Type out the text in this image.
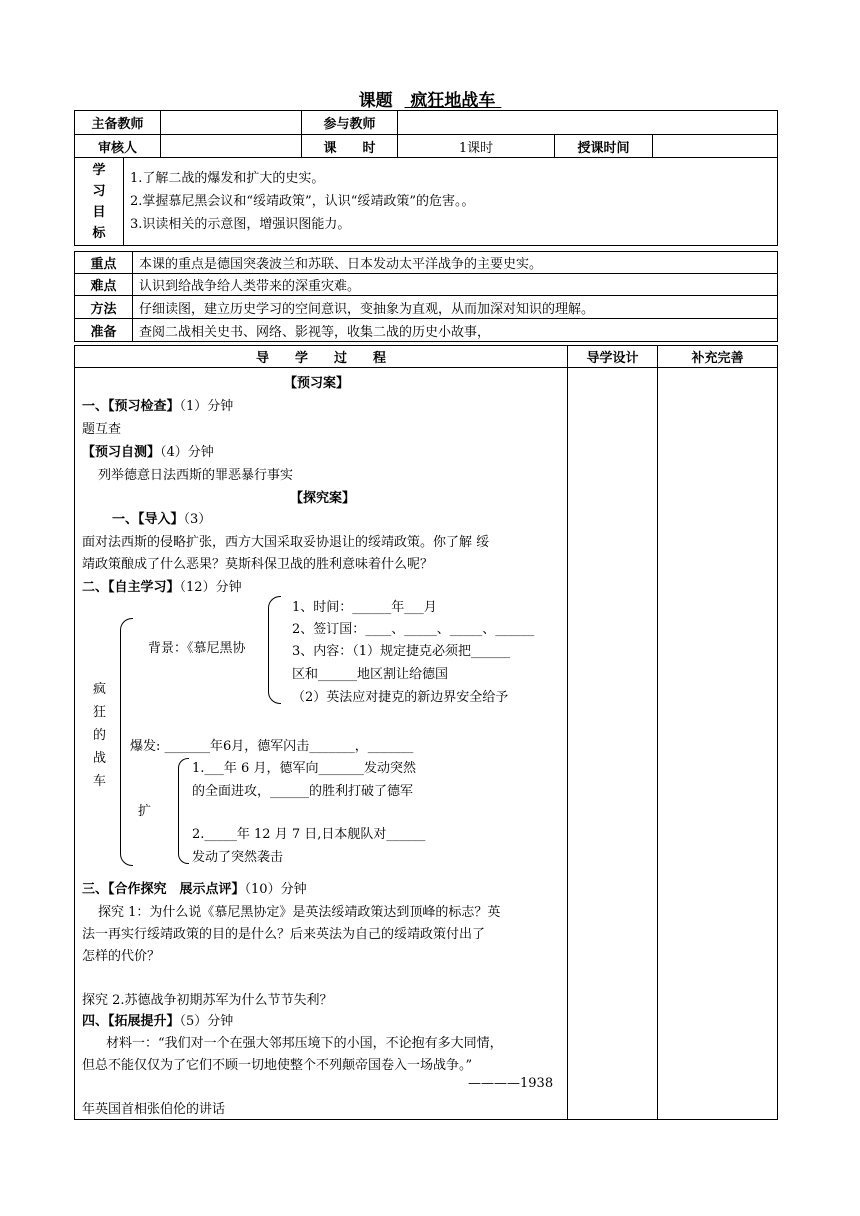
课题 疯狂地战车
主备教师		参与教师			
审核人		课　　时	1课时	授课时间	
学
习
目
标

1.了解二战的爆发和扩大的史实。

2.掌握慕尼黑会议和“绥靖政策”，认识“绥靖政策”的危害。。

3.识读相关的示意图，增强识图能力。

重点	本课的重点是德国突袭波兰和苏联、日本发动太平洋战争的主要史实。
难点	认识到给战争给人类带来的深重灾难。
方法	仔细读图，建立历史学习的空间意识，变抽象为直观，从而加深对知识的理解。
准备	查阅二战相关史书、网络、影视等，收集二战的历史小故事，
导　　学　　过　　程	导学设计	补充完善

【预习案】
一、【预习检查】（1）分钟
题互查
【预习自测】（4）分钟
列举德意日法西斯的罪恶暴行事实
【探究案】
一、【导入】（3）
面对法西斯的侵略扩张，西方大国采取妥协退让的绥靖政策。你了解 绥
靖政策酿成了什么恶果？莫斯科保卫战的胜利意味着什么呢？
二、【自主学习】（12）分钟
疯
狂
的
战
车
背景：《慕尼黑协
1、时间：______年___月
2、签订国：____、_____、_____、______
3、内容：（1）规定捷克必须把______
区和______地区割让给德国
（2）英法应对捷克的新边界安全给予
爆发: _______年6月，德军闪击_______，_______
扩
1.___年 6 月，德军向_______发动突然
的全面进攻，______的胜利打破了德军
2._____年 12 月 7 日,日本舰队对______
发动了突然袭击
三、【合作探究　展示点评】（10）分钟
探究 1：为什么说《慕尼黑协定》是英法绥靖政策达到顶峰的标志？英
法一再实行绥靖政策的目的是什么？后来英法为自己的绥靖政策付出了
怎样的代价？
探究 2.苏德战争初期苏军为什么节节失利？
四、【拓展提升】（5）分钟
材料一：“我们对一个在强大邻邦压境下的小国，不论抱有多大同情，
但总不能仅仅为了它们不顾一切地使整个不列颠帝国卷入一场战争。”
————1938
年英国首相张伯伦的讲话
